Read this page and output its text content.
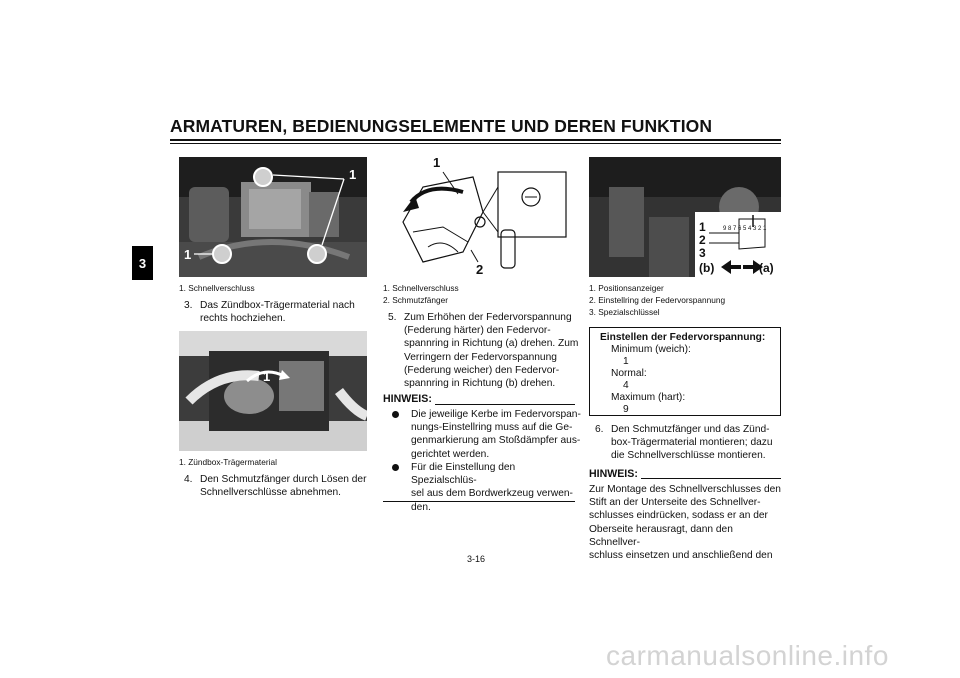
ARMATUREN, BEDIENUNGSELEMENTE UND DEREN FUNKTION
3
1
1
1. Schnellverschluss
3. Das Zündbox-Trägermaterial nach
rechts hochziehen.
1
1. Zündbox-Trägermaterial
4. Den Schmutzfänger durch Lösen der
Schnellverschlüsse abnehmen.
1
2
1. Schnellverschluss
2. Schmutzfänger
5. Zum Erhöhen der Federvorspannung
(Federung härter) den Federvor-
spannring in Richtung (a) drehen. Zum
Verringern der Federvorspannung
(Federung weicher) den Federvor-
spannring in Richtung (b) drehen.
HINWEIS:
Die jeweilige Kerbe im Federvorspan-
nungs-Einstellring muss auf die Ge-
genmarkierung am Stoßdämpfer aus-
gerichtet werden.
Für die Einstellung den Spezialschlüs-
sel aus dem Bordwerkzeug verwen-
den.
1
2
3
9 8 7 6 5 4 3 2 1
(b)	(a)
1. Positionsanzeiger
2. Einstellring der Federvorspannung
3. Spezialschlüssel
Einstellen der Federvorspannung:
Minimum (weich):
1
Normal:
4
Maximum (hart):
9
6. Den Schmutzfänger und das Zünd-
box-Trägermaterial montieren; dazu
die Schnellverschlüsse montieren.
HINWEIS:
Zur Montage des Schnellverschlusses den
Stift an der Unterseite des Schnellver-
schlusses eindrücken, sodass er an der
Oberseite herausragt, dann den Schnellver-
schluss einsetzen und anschließend den
3-16
carmanualsonline.info
